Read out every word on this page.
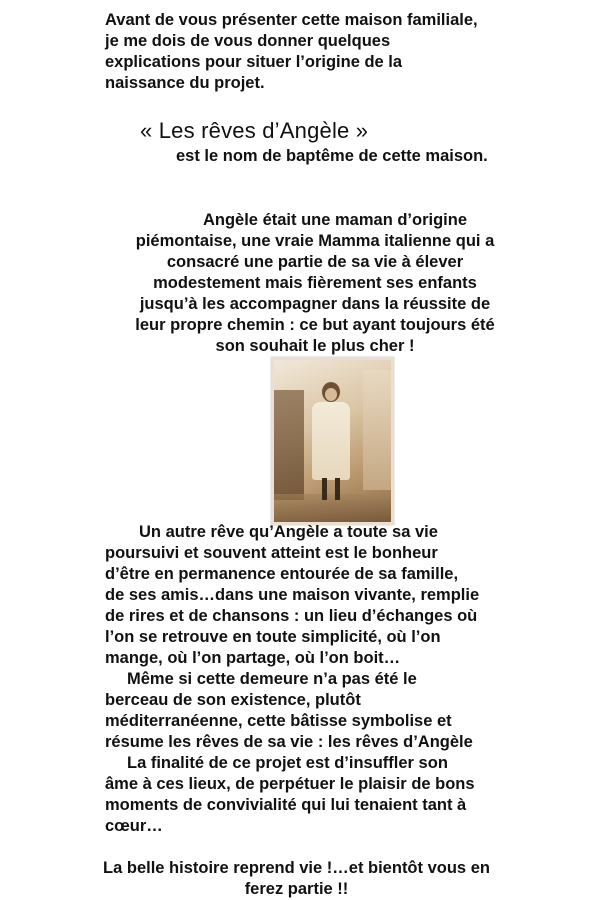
Avant de vous présenter cette maison familiale,
je me dois de vous donner quelques
explications pour situer l’origine de la
naissance du projet.
« Les rêves d’Angèle »
est le nom de baptême de cette maison.
Angèle était une maman d’origine
piémontaise, une vraie Mamma italienne qui a
consacré une partie de sa vie à élever
modestement mais fièrement ses enfants
jusqu’à les accompagner dans la réussite de
leur propre chemin : ce but ayant toujours été
son souhait le plus cher !
Un autre rêve qu’Angèle a toute sa vie
poursuivi et souvent atteint est le bonheur
d’être en permanence entourée de sa famille,
de ses amis…dans une maison vivante, remplie
de rires et de chansons : un lieu d’échanges où
l’on se retrouve en toute simplicité, où l’on
mange, où l’on partage, où l’on boit…
Même si cette demeure n’a pas été le
berceau de son existence, plutôt
méditerranéenne, cette bâtisse symbolise et
résume les rêves de sa vie : les rêves d’Angèle
La finalité de ce projet est d’insuffler son
âme à ces lieux, de perpétuer le plaisir de bons
moments de convivialité qui lui tenaient tant à
cœur…
La belle histoire reprend vie !…et bientôt vous en
ferez partie !!
